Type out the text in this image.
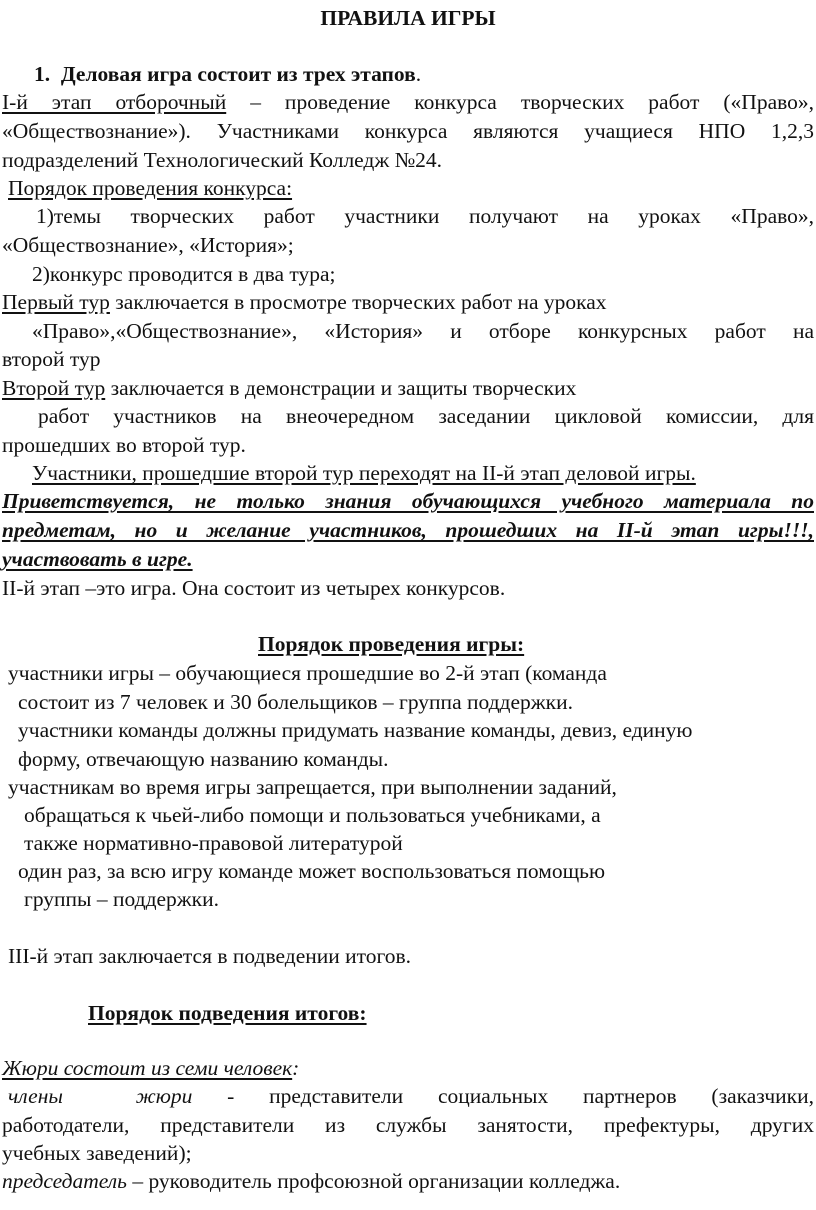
ПРАВИЛА ИГРЫ
1. Деловая игра состоит из трех этапов.
I-й этап отборочный – проведение конкурса творческих работ («Право»,
«Обществознание»). Участниками конкурса являются учащиеся НПО 1,2,3
подразделений Технологический Колледж №24.
Порядок проведения конкурса:
1)темы творческих работ участники получают на уроках «Право»,
«Обществознание», «История»;
2)конкурс проводится в два тура;
Первый тур заключается в просмотре творческих работ на уроках
«Право»,«Обществознание», «История» и отборе конкурсных работ на
второй тур
Второй тур заключается в демонстрации и защиты творческих
работ участников на внеочередном заседании цикловой комиссии, для
прошедших во второй тур.
Участники, прошедшие второй тур переходят на II-й этап деловой игры.
Приветствуется, не только знания обучающихся учебного материала по
предметам, но и желание участников, прошедших на II-й этап игры!!!,
участвовать в игре.
II-й этап –это игра. Она состоит из четырех конкурсов.
Порядок проведения игры:
участники игры – обучающиеся прошедшие во 2-й этап (команда
состоит из 7 человек и 30 болельщиков – группа поддержки.
участники команды должны придумать название команды, девиз, единую
форму, отвечающую названию команды.
участникам во время игры запрещается, при выполнении заданий,
обращаться к чьей-либо помощи и пользоваться учебниками, а
также нормативно-правовой литературой
один раз, за всю игру команде может воспользоваться помощью
группы – поддержки.
III-й этап заключается в подведении итогов.
Порядок подведения итогов:
Жюри состоит из семи человек:
члены жюри - представители социальных партнеров (заказчики,
работодатели, представители из службы занятости, префектуры, других
учебных заведений);
председатель – руководитель профсоюзной организации колледжа.
